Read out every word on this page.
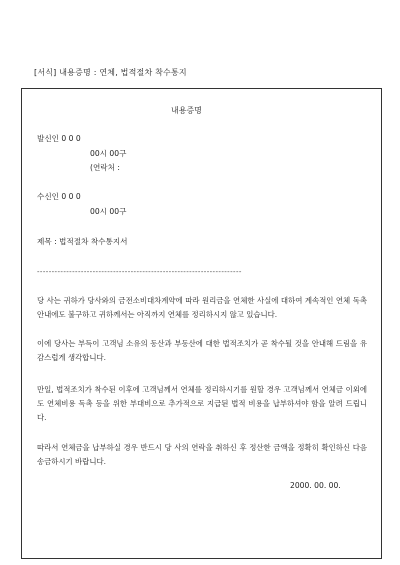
[서식] 내용증명 : 연체, 법적절차 착수통지
내용증명
발신인 0 0 0
00시 00구
(연락처 :
수신인 0 0 0
00시 00구
제목 : 법적절차 착수통지서
----------------------------------------------------------------------
당 사는 귀하가 당사와의 금전소비대차계약에 따라 원리금을 연체한 사실에 대하여 계속적인 연체 독촉 안내에도 불구하고 귀하께서는 아직까지 연체를 정리하시지 않고 있습니다.
이에 당사는 부득이 고객님 소유의 동산과 부동산에 대한 법적조치가 곧 착수될 것을 안내해 드림을 유감스럽게 생각합니다.
만일, 법적조치가 착수된 이후에 고객님께서 연체를 정리하시기를 원할 경우 고객님께서 연체금 이외에도 연체비용 독촉 등을 위한 부대비으로 추가적으로 지급된 법적 비용을 납부하셔야 함을 알려 드립니다.
따라서 연체금을 납부하실 경우 반드시 당 사의 연락을 취하신 후 정산한 금액을 정확히 확인하신 다음 송금하시기 바랍니다.
2000. 00. 00.
